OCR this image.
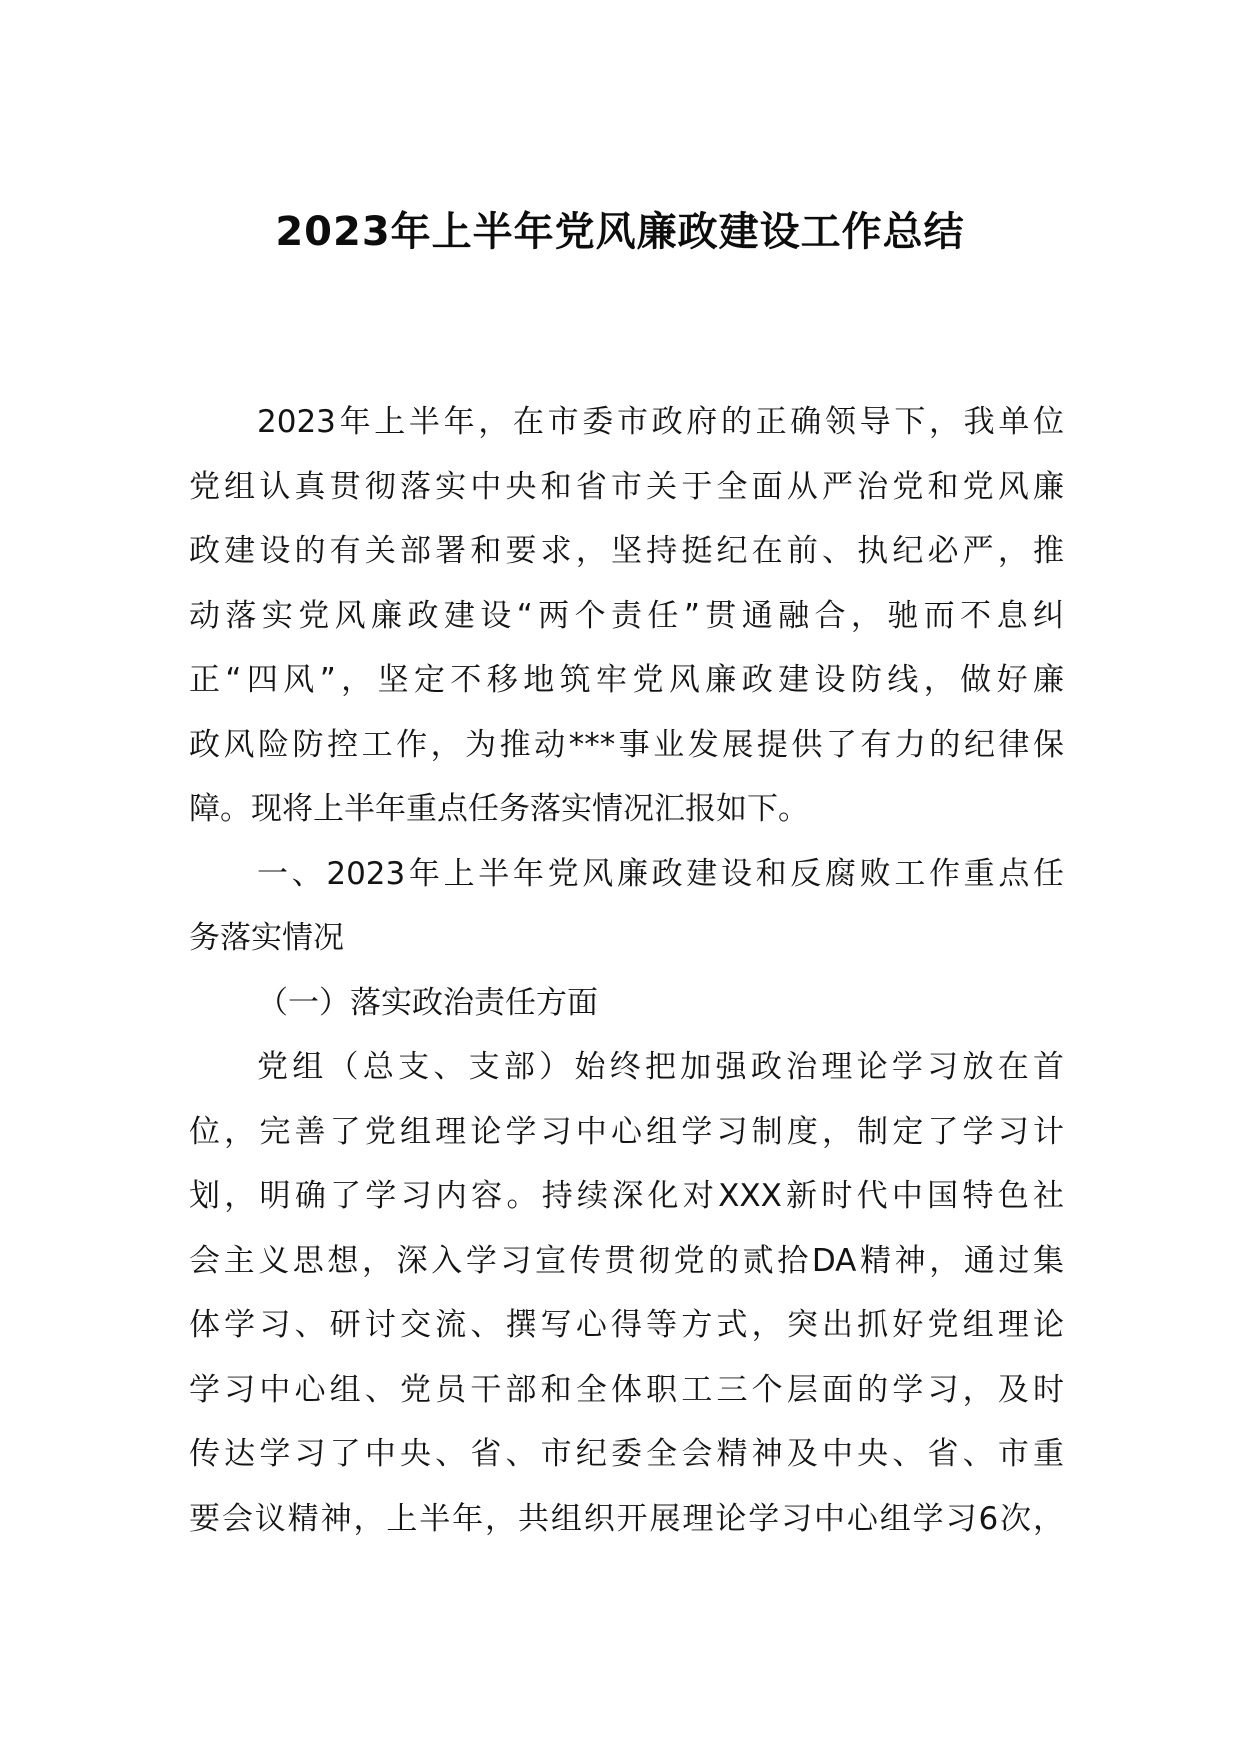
2023年上半年党风廉政建设工作总结
2023年上半年，在市委市政府的正确领导下，我单位
党组认真贯彻落实中央和省市关于全面从严治党和党风廉
政建设的有关部署和要求，坚持挺纪在前、执纪必严，推
动落实党风廉政建设“两个责任”贯通融合，驰而不息纠
正“四风”，坚定不移地筑牢党风廉政建设防线，做好廉
政风险防控工作，为推动***事业发展提供了有力的纪律保
障。现将上半年重点任务落实情况汇报如下。
一、2023年上半年党风廉政建设和反腐败工作重点任
务落实情况
（一）落实政治责任方面
党组（总支、支部）始终把加强政治理论学习放在首
位，完善了党组理论学习中心组学习制度，制定了学习计
划，明确了学习内容。持续深化对XXX新时代中国特色社
会主义思想，深入学习宣传贯彻党的贰拾DA精神，通过集
体学习、研讨交流、撰写心得等方式，突出抓好党组理论
学习中心组、党员干部和全体职工三个层面的学习，及时
传达学习了中央、省、市纪委全会精神及中央、省、市重
要会议精神，上半年，共组织开展理论学习中心组学习6次，
